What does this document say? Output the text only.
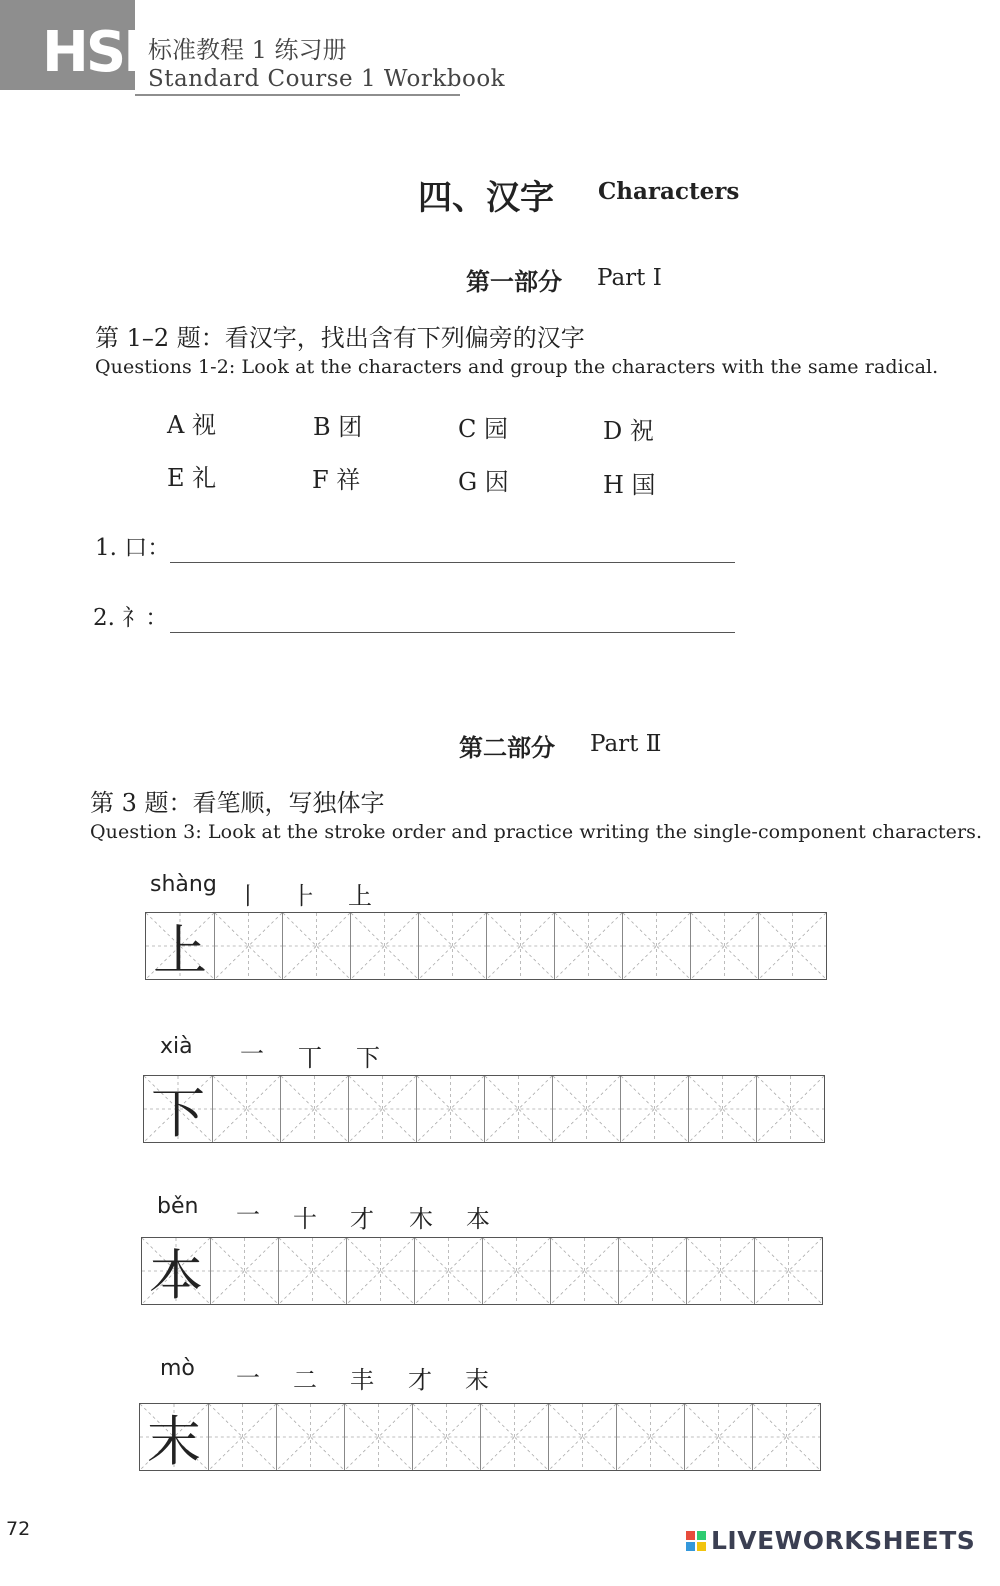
HSK
标准教程 1 练习册
Standard Course 1 Workbook
四、汉字 Characters
第一部分 Part Ⅰ
第 1–2 题：看汉字，找出含有下列偏旁的汉字
Questions 1-2: Look at the characters and group the characters with the same radical.
A 视	B 团	C 园	D 祝
E 礼	F 祥	G 因	H 国
1. 口：
2. 礻：
第二部分 Part Ⅱ
第 3 题：看笔顺，写独体字
Question 3: Look at the stroke order and practice writing the single-component characters.
shàng 丨 ⺊ 上
上
xià 一 丅 下
下
běn 一 十 才 木 本
本
mò 一 二 丰 才 末
末
72	LIVEWORKSHEETS
